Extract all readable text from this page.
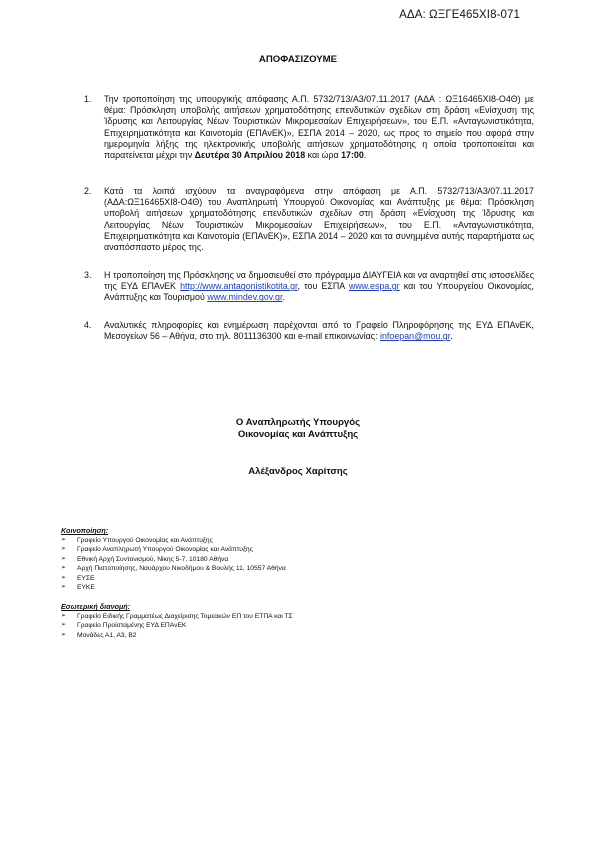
ΑΔΑ: ΩΞΓΕ465ΧΙ8-071
ΑΠΟΦΑΣΙΖΟΥΜΕ
1. Την τροποποίηση της υπουργικής απόφασης Α.Π. 5732/713/Α3/07.11.2017 (ΑΔΑ : ΩΞ16465ΧΙ8-Ο4Θ) με θέμα: Πρόσκληση υποβολής αιτήσεων χρηματοδότησης επενδυτικών σχεδίων στη δράση «Ενίσχυση της Ίδρυσης και Λειτουργίας Νέων Τουριστικών Μικρομεσαίων Επιχειρήσεων», του Ε.Π. «Ανταγωνιστικότητα, Επιχειρηματικότητα και Καινοτομία (ΕΠΑνΕΚ)», ΕΣΠΑ 2014 – 2020, ως προς το σημείο που αφορά στην ημερομηνία λήξης της ηλεκτρονικής υποβολής αιτήσεων χρηματοδότησης η οποία τροποποιείται και παρατείνεται μέχρι την Δευτέρα 30 Απριλίου 2018 και ώρα 17:00.
2. Κατά τα λοιπά ισχύουν τα αναγραφόμενα στην απόφαση με Α.Π. 5732/713/Α3/07.11.2017 (ΑΔΑ:ΩΞ16465ΧΙ8-Ο4Θ) του Αναπληρωτή Υπουργού Οικονομίας και Ανάπτυξης με θέμα: Πρόσκληση υποβολή αιτήσεων χρηματοδότησης επενδυτικών σχεδίων στη δράση «Ενίσχυση της Ίδρυσης και Λειτουργίας Νέων Τουριστικών Μικρομεσαίων Επιχειρήσεων», του Ε.Π. «Ανταγωνιστικότητα, Επιχειρηματικότητα και Καινοτομία (ΕΠΑνΕΚ)», ΕΣΠΑ 2014 – 2020 και τα συνημμένα αυτής παραρτήματα ως αναπόσπαστο μέρος της.
3. Η τροποποίηση της Πρόσκλησης να δημοσιευθεί στο πρόγραμμα ΔΙΑΥΓΕΙΑ και να αναρτηθεί στις ιστοσελίδες της ΕΥΔ ΕΠΑνΕΚ http://www.antagonistikotita.gr, του ΕΣΠΑ www.espa.gr και του Υπουργείου Οικονομίας, Ανάπτυξης και Τουρισμού www.mindev.gov.gr.
4. Αναλυτικές πληροφορίες και ενημέρωση παρέχονται από το Γραφείο Πληροφόρησης της ΕΥΔ ΕΠΑνΕΚ, Μεσογείων 56 – Αθήνα, στο τηλ. 8011136300 και e-mail επικοινωνίας: infoepan@mou.gr.
Ο Αναπληρωτής Υπουργός
Οικονομίας και Ανάπτυξης
Αλέξανδρος Χαρίτσης
Κοινοποίηση:
➢ Γραφείο Υπουργού Οικονομίας και Ανάπτυξης
➢ Γραφείο Αναπληρωτή Υπουργού Οικονομίας και Ανάπτυξης
➢ Εθνική Αρχή Συντονισμού, Νίκης 5-7, 10180 Αθήνα
➢ Αρχή Πιστοποίησης, Ναυάρχου Νικοδήμου & Βουλής 11, 10557 Αθήνα
➢ ΕΥΣΕ
➢ ΕΥΚΕ
Εσωτερική διανομή:
➢ Γραφείο Ειδικής Γραμματέως Διαχείρισης Τομεακών ΕΠ του ΕΤΠΑ και ΤΣ
➢ Γραφείο Προϊσταμένης ΕΥΔ ΕΠΑνΕΚ
➢ Μονάδες Α1, Α3, Β2
